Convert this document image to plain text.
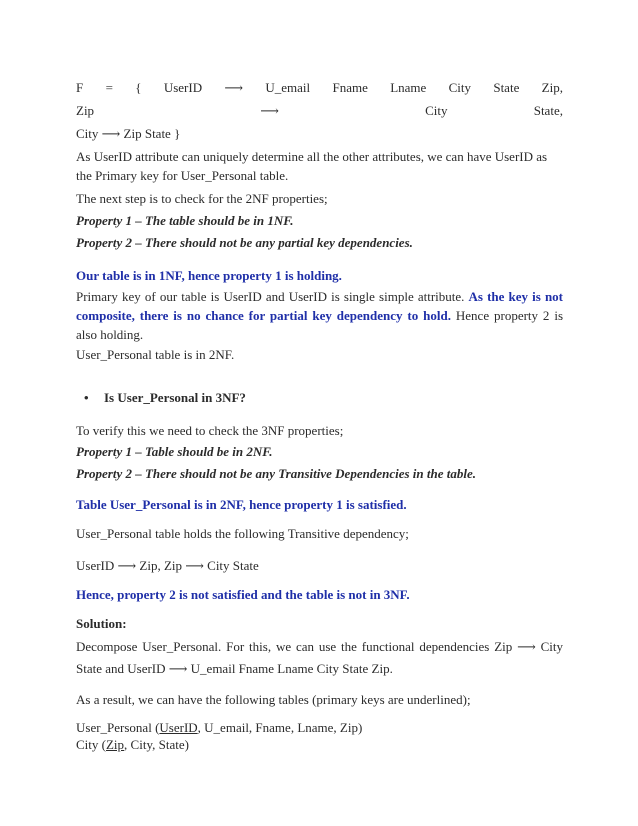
F = { UserID ⟶ U_email Fname Lname City State Zip,

Zip	⟶	City	State,

City ⟶ Zip State }

As UserID attribute can uniquely determine all the other attributes, we can have UserID as the Primary key for User_Personal table.

The next step is to check for the 2NF properties;

Property 1 – The table should be in 1NF.

Property 2 – There should not be any partial key dependencies.

Our table is in 1NF, hence property 1 is holding.

Primary key of our table is UserID and UserID is single simple attribute. As the key is not composite, there is no chance for partial key dependency to hold. Hence property 2 is also holding.

User_Personal table is in 2NF.

•	Is User_Personal in 3NF?

To verify this we need to check the 3NF properties;

Property 1 – Table should be in 2NF.

Property 2 – There should not be any Transitive Dependencies in the table.

Table User_Personal is in 2NF, hence property 1 is satisfied.

User_Personal table holds the following Transitive dependency;

UserID ⟶ Zip, Zip ⟶ City State

Hence, property 2 is not satisfied and the table is not in 3NF.

Solution:

Decompose User_Personal. For this, we can use the functional dependencies Zip ⟶ City State and UserID ⟶ U_email Fname Lname City State Zip.

As a result, we can have the following tables (primary keys are underlined);

User_Personal (UserID, U_email, Fname, Lname, Zip)

City (Zip, City, State)
